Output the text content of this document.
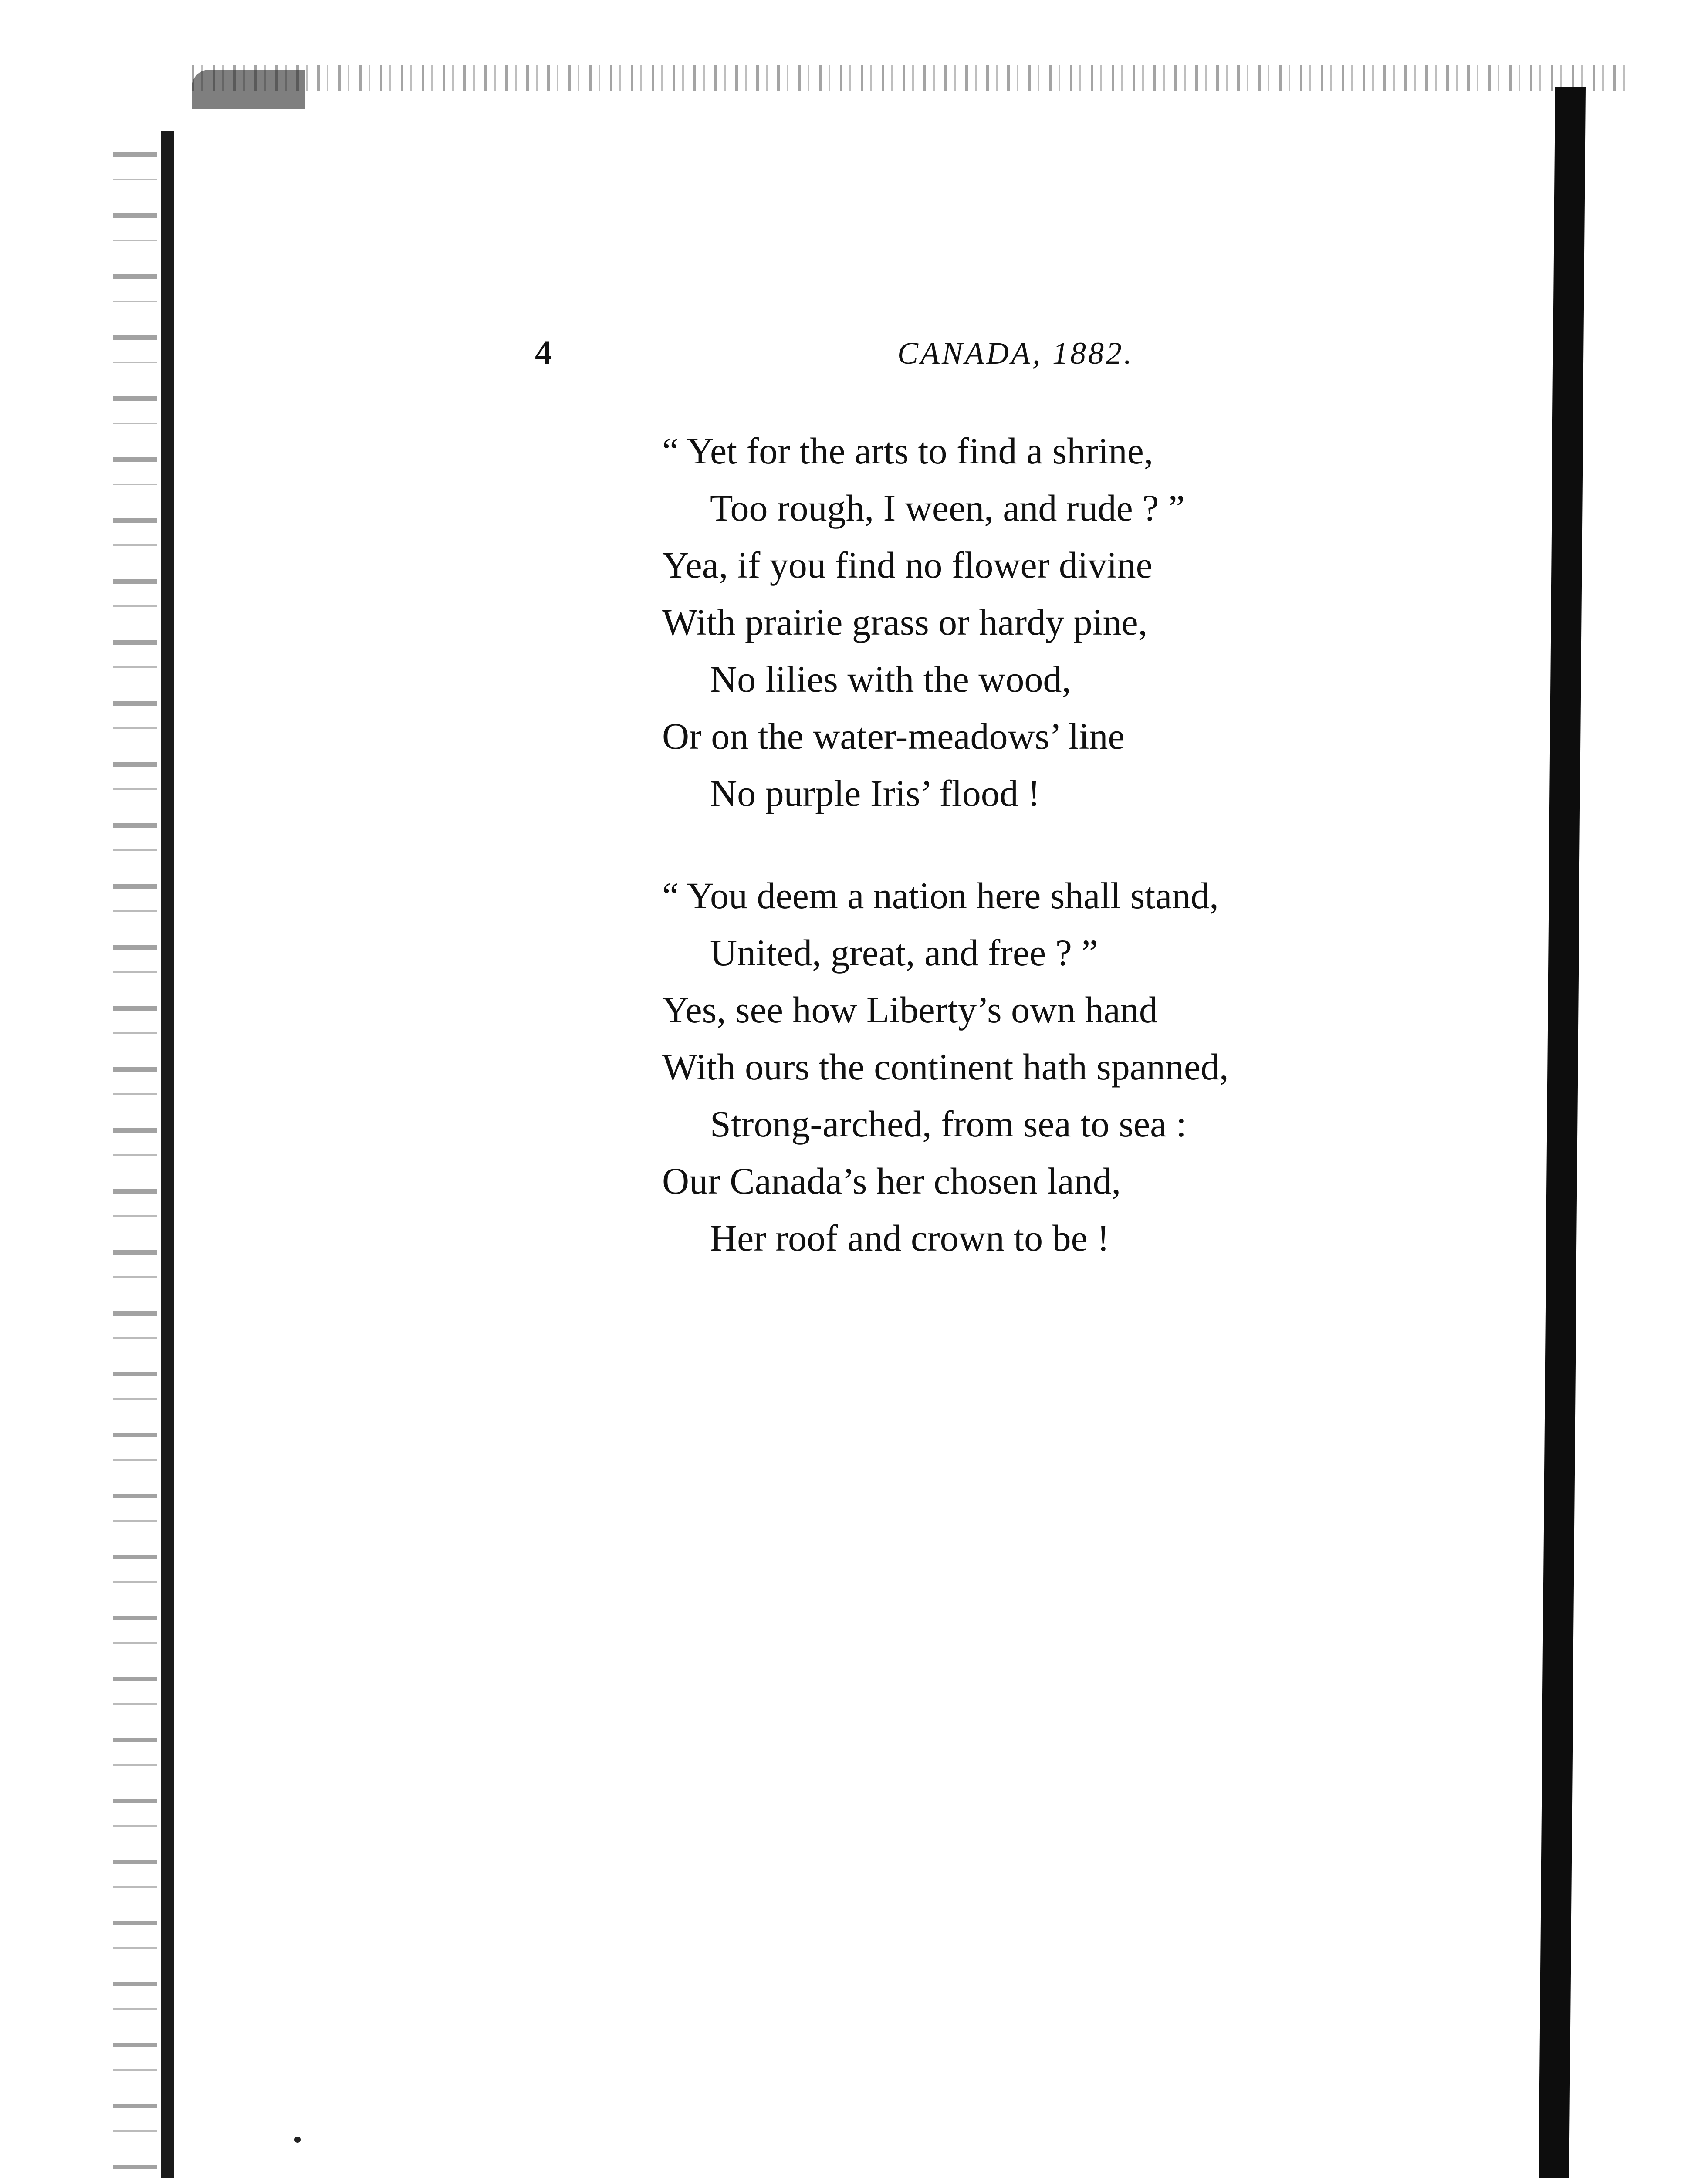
4	CANADA, 1882.
“ Yet for the arts to find a shrine,
Too rough, I ween, and rude ? ”
Yea, if you find no flower divine
With prairie grass or hardy pine,
No lilies with the wood,
Or on the water-meadows’ line
No purple Iris’ flood !
“ You deem a nation here shall stand,
United, great, and free ? ”
Yes, see how Liberty’s own hand
With ours the continent hath spanned,
Strong-arched, from sea to sea :
Our Canada’s her chosen land,
Her roof and crown to be !
